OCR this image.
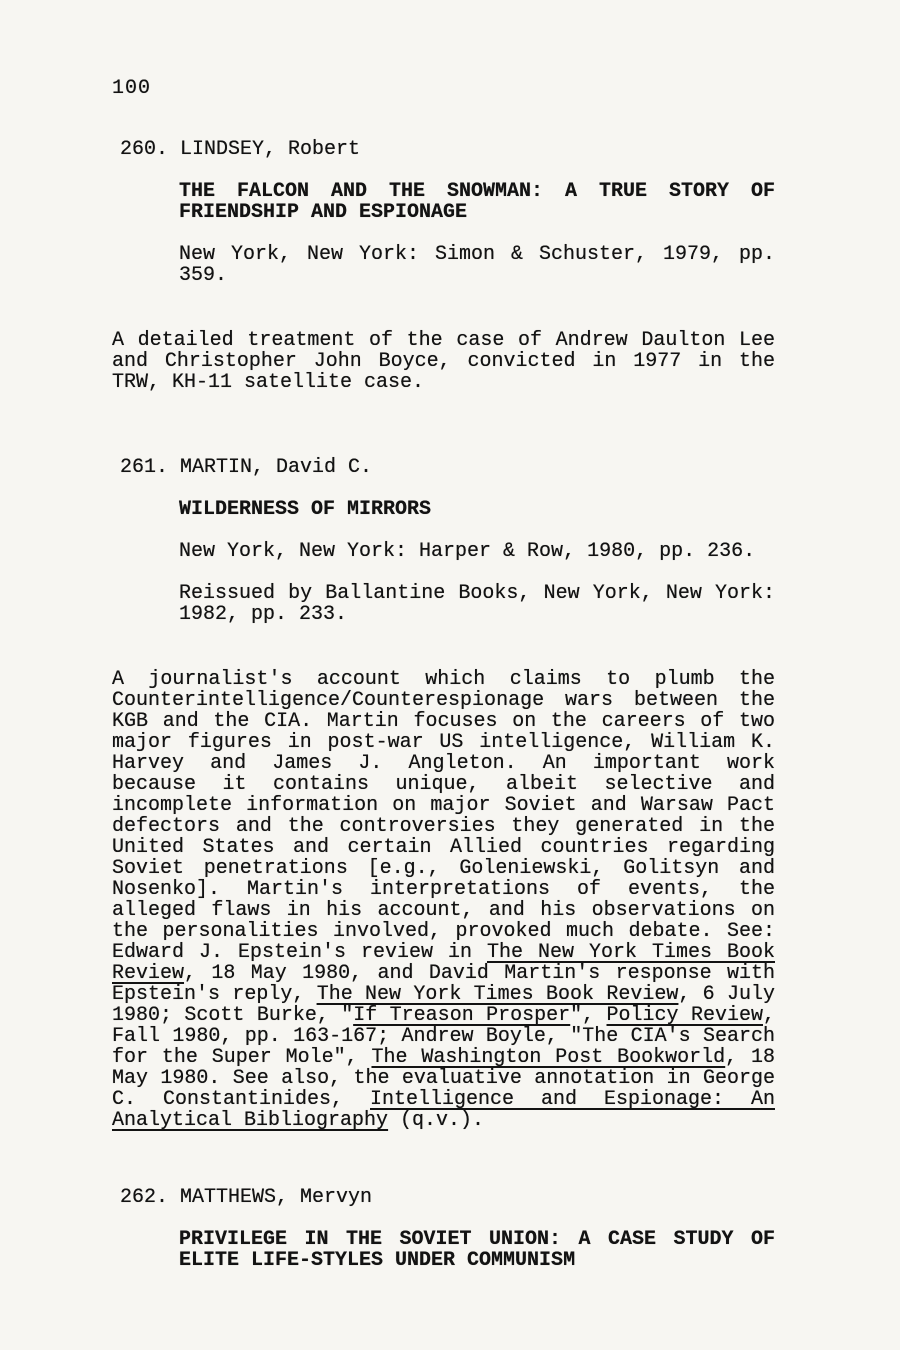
100
260. LINDSEY, Robert
THE FALCON AND THE SNOWMAN: A TRUE STORY OF
FRIENDSHIP AND ESPIONAGE
New York, New York: Simon & Schuster, 1979, pp.
359.
A detailed treatment of the case of Andrew Daulton Lee
and Christopher John Boyce, convicted in 1977 in the
TRW, KH-11 satellite case.
261. MARTIN, David C.
WILDERNESS OF MIRRORS
New York, New York: Harper & Row, 1980, pp. 236.
Reissued by Ballantine Books, New York, New York:
1982, pp. 233.
A journalist's account which claims to plumb the
Counterintelligence/Counterespionage wars between the
KGB and the CIA. Martin focuses on the careers of two
major figures in post-war US intelligence, William K.
Harvey and James J. Angleton. An important work
because it contains unique, albeit selective and
incomplete information on major Soviet and Warsaw Pact
defectors and the controversies they generated in the
United States and certain Allied countries regarding
Soviet penetrations [e.g., Goleniewski, Golitsyn and
Nosenko]. Martin's interpretations of events, the
alleged flaws in his account, and his observations on
the personalities involved, provoked much debate. See:
Edward J. Epstein's review in The New York Times Book
Review, 18 May 1980, and David Martin's response with
Epstein's reply, The New York Times Book Review, 6 July
1980; Scott Burke, "If Treason Prosper", Policy Review,
Fall 1980, pp. 163-167; Andrew Boyle, "The CIA's Search
for the Super Mole", The Washington Post Bookworld, 18
May 1980. See also, the evaluative annotation in George
C. Constantinides, Intelligence and Espionage: An
Analytical Bibliography (q.v.).
262. MATTHEWS, Mervyn
PRIVILEGE IN THE SOVIET UNION: A CASE STUDY OF
ELITE LIFE-STYLES UNDER COMMUNISM
